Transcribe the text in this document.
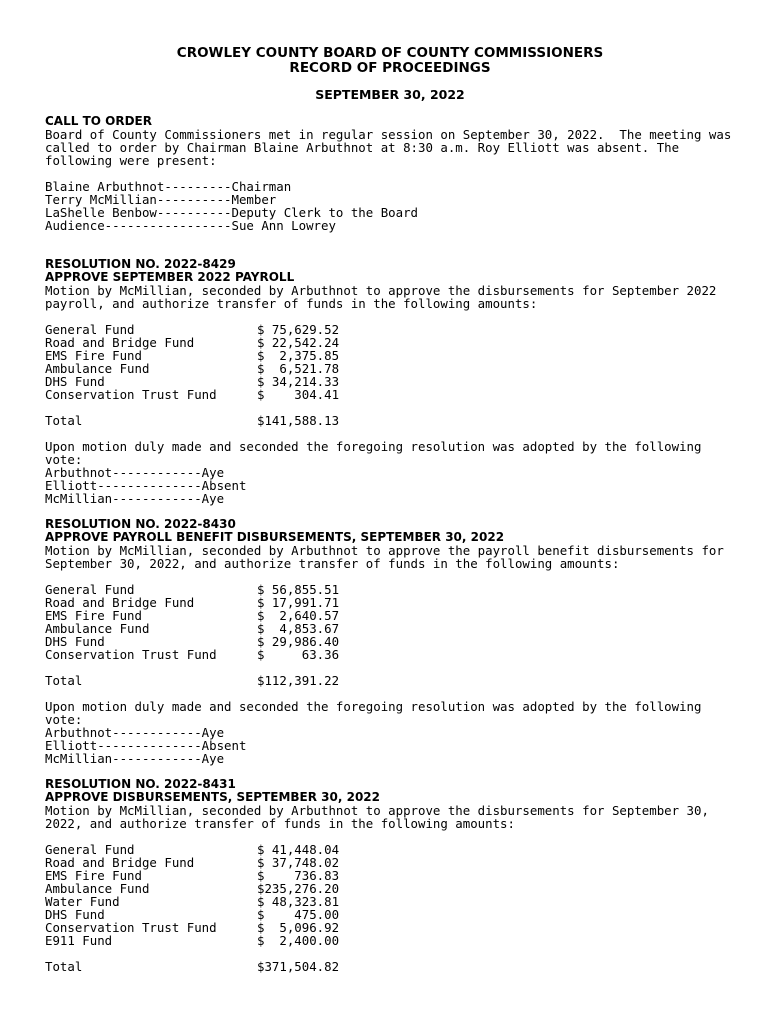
CROWLEY COUNTY BOARD OF COUNTY COMMISSIONERS
RECORD OF PROCEEDINGS
SEPTEMBER 30, 2022
CALL TO ORDER
Board of County Commissioners met in regular session on September 30, 2022.  The meeting was called to order by Chairman Blaine Arbuthnot at 8:30 a.m. Roy Elliott was absent. The following were present:
Blaine Arbuthnot---------Chairman
Terry McMillian----------Member
LaShelle Benbow----------Deputy Clerk to the Board
Audience-----------------Sue Ann Lowrey
RESOLUTION NO. 2022-8429
APPROVE SEPTEMBER 2022 PAYROLL
Motion by McMillian, seconded by Arbuthnot to approve the disbursements for September 2022 payroll, and authorize transfer of funds in the following amounts:
General Fund	$ 75,629.52
Road and Bridge Fund	$ 22,542.24
EMS Fire Fund	$  2,375.85
Ambulance Fund	$  6,521.78
DHS Fund	$ 34,214.33
Conservation Trust Fund	$    304.41
Total	$141,588.13
Upon motion duly made and seconded the foregoing resolution was adopted by the following vote:
Arbuthnot------------Aye
Elliott--------------Absent
McMillian------------Aye
RESOLUTION NO. 2022-8430
APPROVE PAYROLL BENEFIT DISBURSEMENTS, SEPTEMBER 30, 2022
Motion by McMillian, seconded by Arbuthnot to approve the payroll benefit disbursements for September 30, 2022, and authorize transfer of funds in the following amounts:
General Fund	$ 56,855.51
Road and Bridge Fund	$ 17,991.71
EMS Fire Fund	$  2,640.57
Ambulance Fund	$  4,853.67
DHS Fund	$ 29,986.40
Conservation Trust Fund	$     63.36
Total	$112,391.22
Upon motion duly made and seconded the foregoing resolution was adopted by the following vote:
Arbuthnot------------Aye
Elliott--------------Absent
McMillian------------Aye
RESOLUTION NO. 2022-8431
APPROVE DISBURSEMENTS, SEPTEMBER 30, 2022
Motion by McMillian, seconded by Arbuthnot to approve the disbursements for September 30, 2022, and authorize transfer of funds in the following amounts:
General Fund	$ 41,448.04
Road and Bridge Fund	$ 37,748.02
EMS Fire Fund	$    736.83
Ambulance Fund	$235,276.20
Water Fund	$ 48,323.81
DHS Fund	$    475.00
Conservation Trust Fund	$  5,096.92
E911 Fund	$  2,400.00
Total	$371,504.82
